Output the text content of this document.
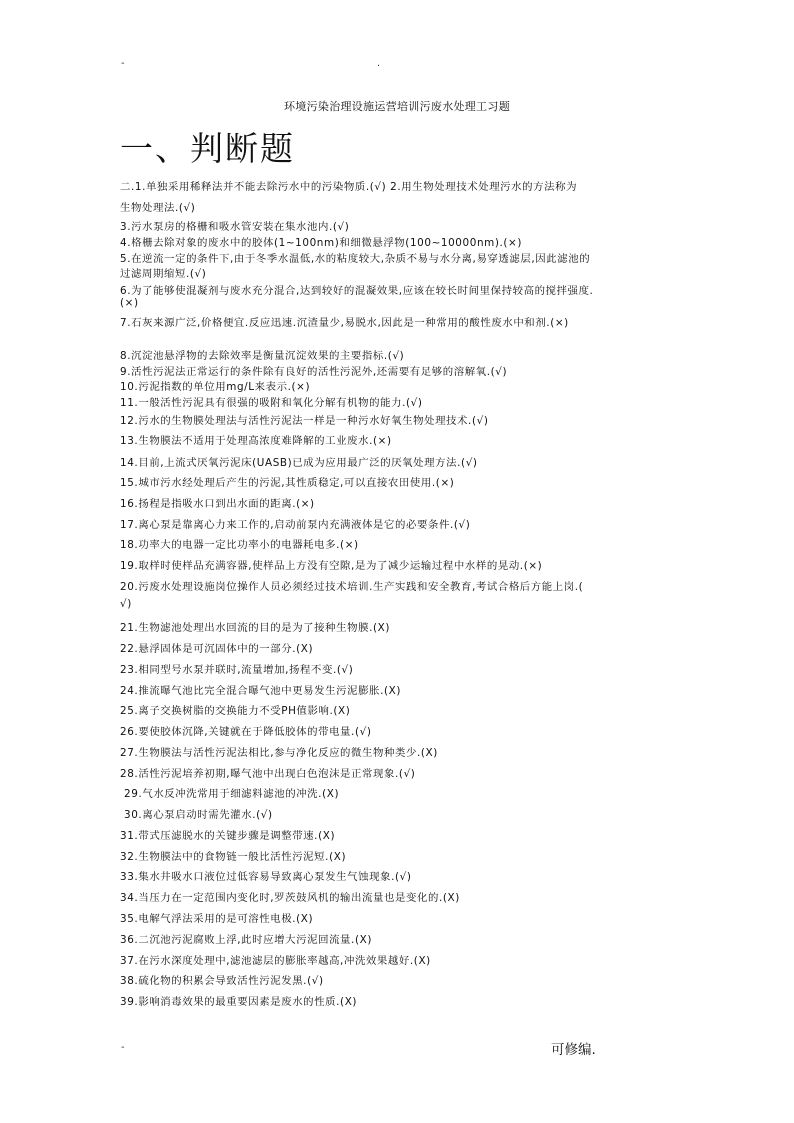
-	.
环境污染治理设施运营培训污废水处理工习题
一、判断题
二.1.单独采用稀释法并不能去除污水中的污染物质.(√) 2.用生物处理技术处理污水的方法称为
生物处理法.(√)
3.污水泵房的格栅和吸水管安装在集水池内.(√)
4.格栅去除对象的废水中的胶体(1~100nm)和细微悬浮物(100~10000nm).(×)
5.在逆流一定的条件下,由于冬季水温低,水的粘度较大,杂质不易与水分离,易穿透滤层,因此滤池的
过滤周期缩短.(√)
6.为了能够使混凝剂与废水充分混合,达到较好的混凝效果,应该在较长时间里保持较高的搅拌强度.
(×)
7.石灰来源广泛,价格便宜.反应迅速.沉渣量少,易脱水,因此是一种常用的酸性废水中和剂.(×)
8.沉淀池悬浮物的去除效率是衡量沉淀效果的主要指标.(√)
9.活性污泥法正常运行的条件除有良好的活性污泥外,还需要有足够的溶解氧.(√)
10.污泥指数的单位用mg/L来表示.(×)
11.一般活性污泥具有很强的吸附和氧化分解有机物的能力.(√)
12.污水的生物膜处理法与活性污泥法一样是一种污水好氧生物处理技术.(√)
13.生物膜法不适用于处理高浓度难降解的工业废水.(×)
14.目前,上流式厌氧污泥床(UASB)已成为应用最广泛的厌氧处理方法.(√)
15.城市污水经处理后产生的污泥,其性质稳定,可以直接农田使用.(×)
16.扬程是指吸水口到出水面的距离.(×)
17.离心泵是靠离心力来工作的,启动前泵内充满液体是它的必要条件.(√)
18.功率大的电器一定比功率小的电器耗电多.(×)
19.取样时使样品充满容器,使样品上方没有空隙,是为了减少运输过程中水样的晃动.(×)
20.污废水处理设施岗位操作人员必须经过技术培训.生产实践和安全教育,考试合格后方能上岗.(
√)
21.生物滤池处理出水回流的目的是为了接种生物膜.(X)
22.悬浮固体是可沉固体中的一部分.(X)
23.相同型号水泵并联时,流量增加,扬程不变.(√)
24.推流曝气池比完全混合曝气池中更易发生污泥膨胀.(X)
25.离子交换树脂的交换能力不受PH值影响.(X)
26.要使胶体沉降,关键就在于降低胶体的带电量.(√)
27.生物膜法与活性污泥法相比,参与净化反应的微生物种类少.(X)
28.活性污泥培养初期,曝气池中出现白色泡沫是正常现象.(√)
29.气水反冲洗常用于细滤料滤池的冲洗.(X)
30.离心泵启动时需先灌水.(√)
31.带式压滤脱水的关键步骤是调整带速.(X)
32.生物膜法中的食物链一般比活性污泥短.(X)
33.集水井吸水口液位过低容易导致离心泵发生气蚀现象.(√)
34.当压力在一定范围内变化时,罗茨鼓风机的输出流量也是变化的.(X)
35.电解气浮法采用的是可溶性电极.(X)
36.二沉池污泥腐败上浮,此时应增大污泥回流量.(X)
37.在污水深度处理中,滤池滤层的膨胀率越高,冲洗效果越好.(X)
38.硫化物的积累会导致活性污泥发黑.(√)
39.影响消毒效果的最重要因素是废水的性质.(X)
-	可修编.
